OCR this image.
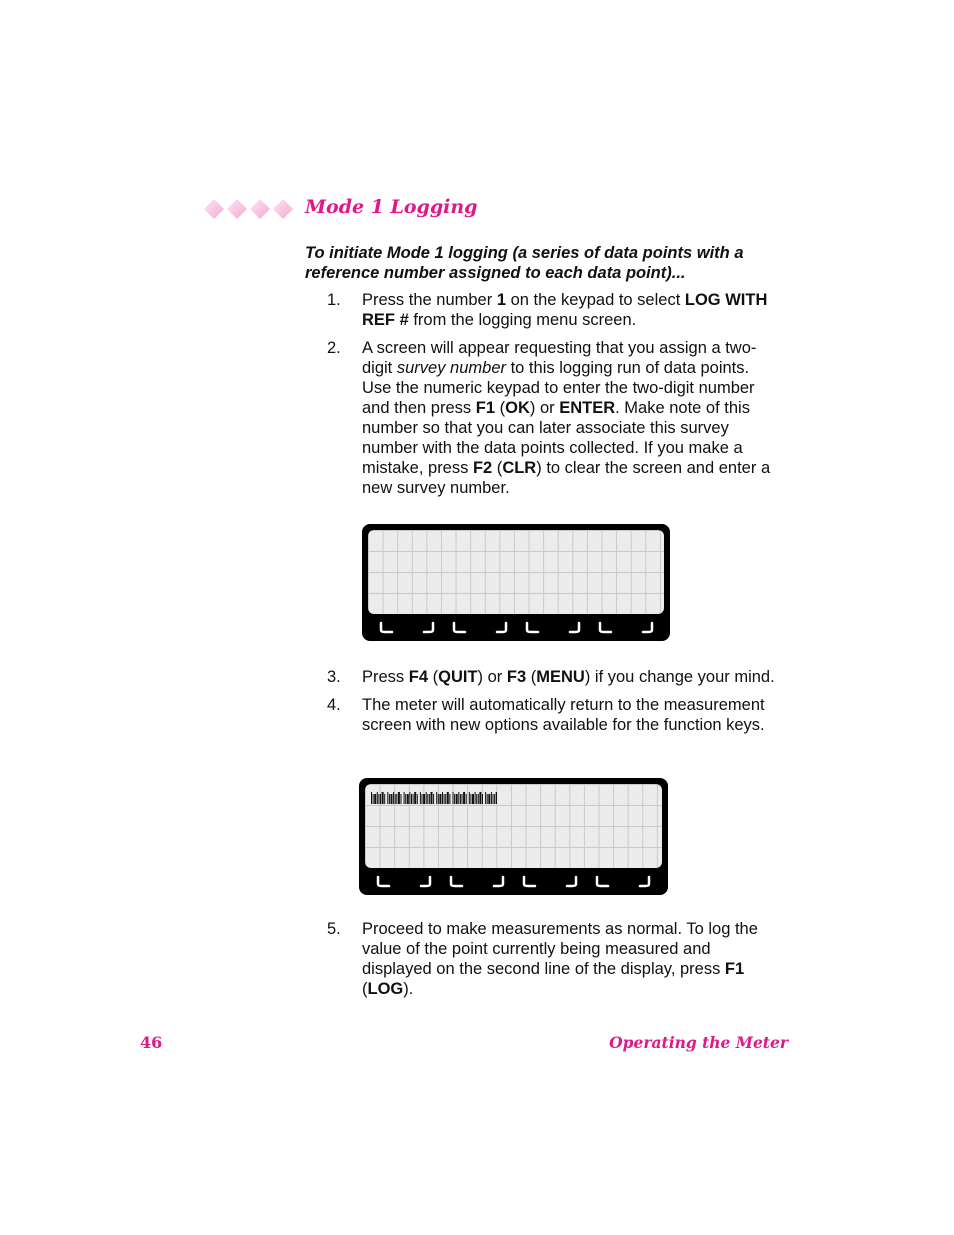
Mode 1 Logging
To initiate Mode 1 logging (a series of data points with a reference number assigned to each data point)...
1. Press the number 1 on the keypad to select LOG WITH REF # from the logging menu screen.
2. A screen will appear requesting that you assign a two-digit survey number to this logging run of data points. Use the numeric keypad to enter the two-digit number and then press F1 (OK) or ENTER. Make note of this number so that you can later associate this survey number with the data points collected. If you make a mistake, press F2 (CLR) to clear the screen and enter a new survey number.
3. Press F4 (QUIT) or F3 (MENU) if you change your mind.
4. The meter will automatically return to the measurement screen with new options available for the function keys.
5. Proceed to make measurements as normal. To log the value of the point currently being measured and displayed on the second line of the display, press F1 (LOG).
46	Operating the Meter
